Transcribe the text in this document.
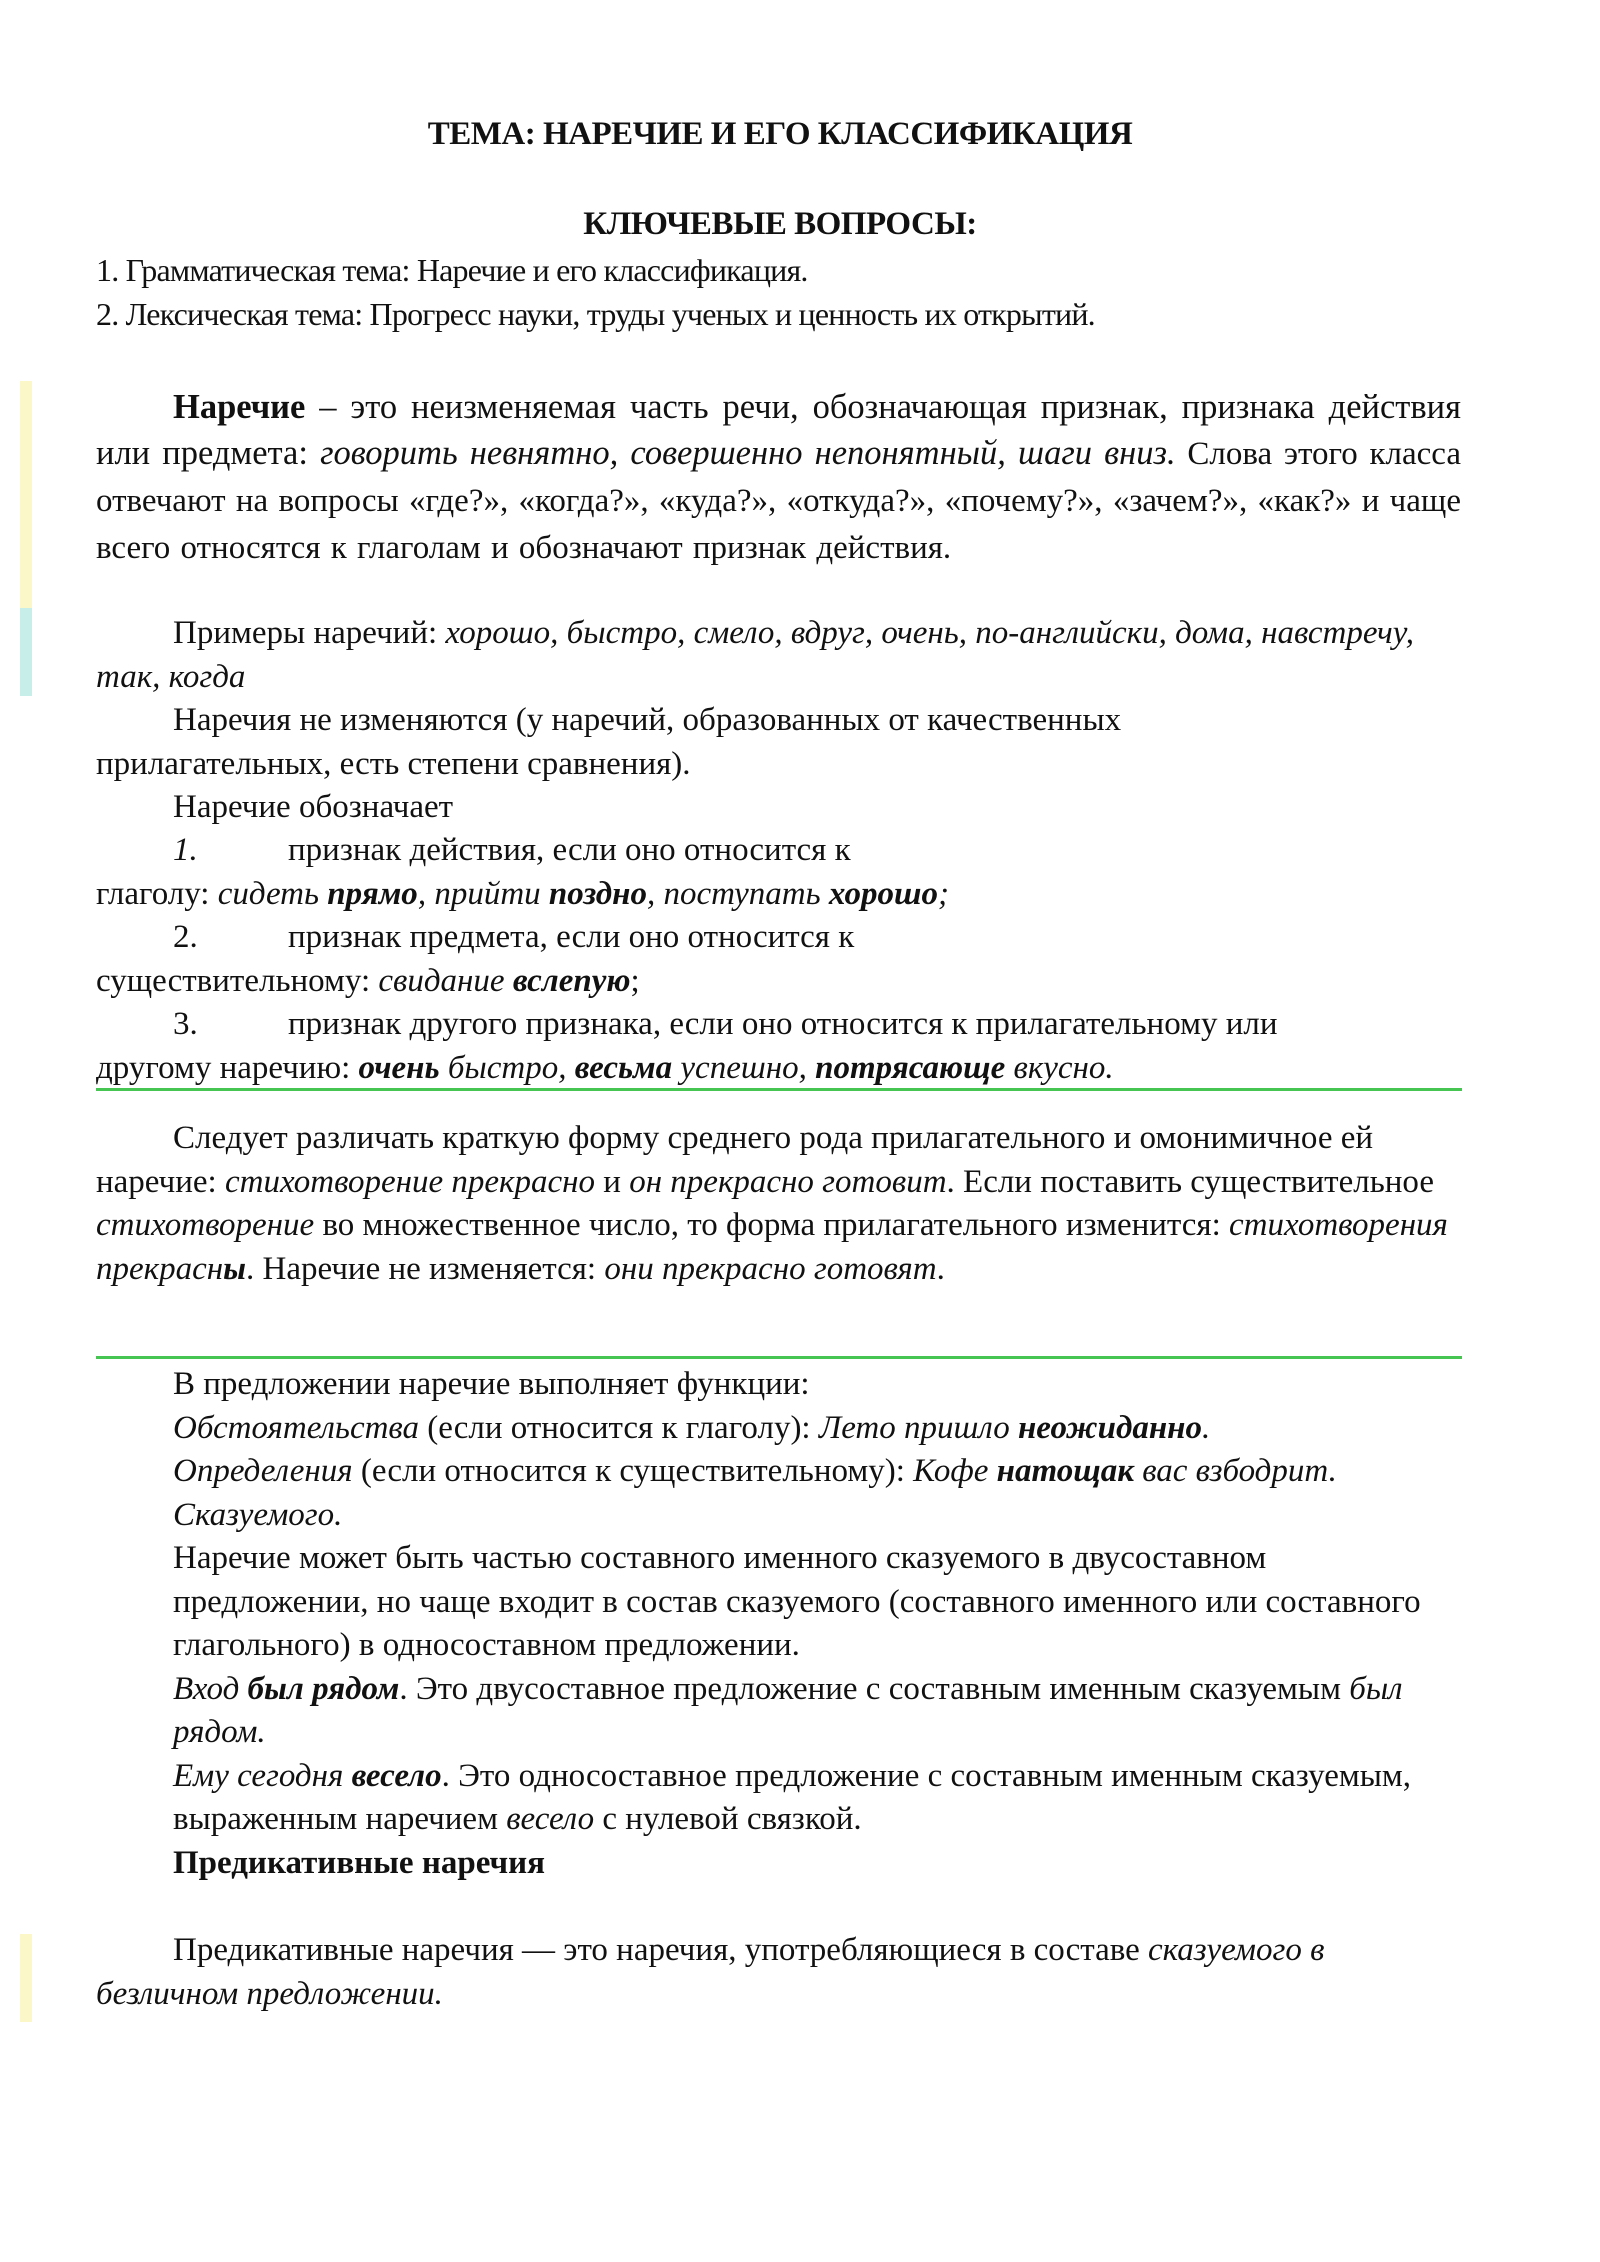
ТЕМА: НАРЕЧИЕ И ЕГО КЛАССИФИКАЦИЯ
КЛЮЧЕВЫЕ ВОПРОСЫ:
1. Грамматическая тема: Наречие и его классификация.
2. Лексическая тема: Прогресс науки, труды ученых и ценность их открытий.
Наречие – это неизменяемая часть речи, обозначающая признак, признака действия или предмета: говорить невнятно, совершенно непонятный, шаги вниз. Слова этого класса отвечают на вопросы «где?», «когда?», «куда?», «откуда?», «почему?», «зачем?», «как?» и чаще всего относятся к глаголам и обозначают признак действия.
Примеры наречий: хорошо, быстро, смело, вдруг, очень, по-английски, дома, навстречу, так, когда
Наречия не изменяются (у наречий, образованных от качественных прилагательных, есть степени сравнения).
Наречие обозначает
1.	признак действия, если оно относится к
глаголу: сидеть прямо, прийти поздно, поступать хорошо;
2.	признак предмета, если оно относится к
существительному: свидание вслепую;
3.	признак другого признака, если оно относится к прилагательному или
другому наречию: очень быстро, весьма успешно, потрясающе вкусно.
Следует различать краткую форму среднего рода прилагательного и омонимичное ей наречие: стихотворение прекрасно и он прекрасно готовит. Если поставить существительное стихотворение во множественное число, то форма прилагательного изменится: стихотворения прекрасны. Наречие не изменяется: они прекрасно готовят.
В предложении наречие выполняет функции:
Обстоятельства (если относится к глаголу): Лето пришло неожиданно.
Определения (если относится к существительному): Кофе натощак вас взбодрит.
Сказуемого.
Наречие может быть частью составного именного сказуемого в двусоставном предложении, но чаще входит в состав сказуемого (составного именного или составного глагольного) в односоставном предложении.
Вход был рядом. Это двусоставное предложение с составным именным сказуемым был рядом.
Ему сегодня весело. Это односоставное предложение с составным именным сказуемым, выраженным наречием весело с нулевой связкой.
Предикативные наречия
Предикативные наречия — это наречия, употребляющиеся в составе сказуемого в безличном предложении.
